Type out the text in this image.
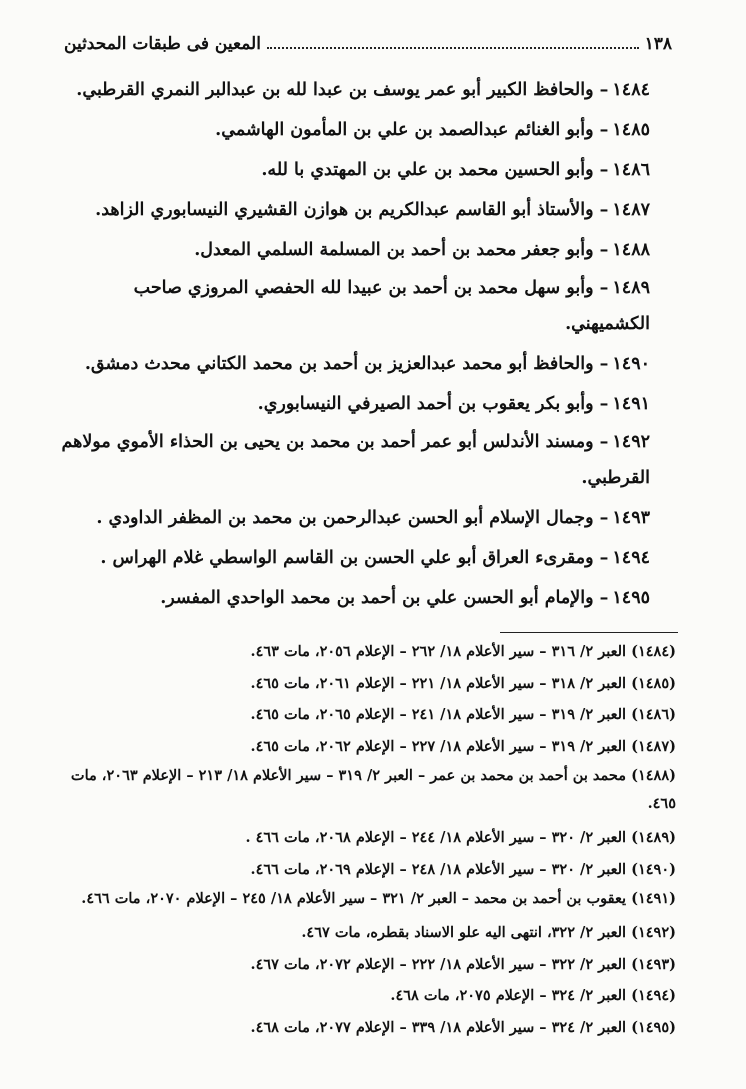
١٣٨
المعين فى طبقات المحدثين
١٤٨٤– والحافظ الكبير أبو عمر يوسف بن عبدا لله بن عبدالبر النمري القرطبي.
١٤٨٥– وأبو الغنائم عبدالصمد بن علي بن المأمون الهاشمي.
١٤٨٦– وأبو الحسين محمد بن علي بن المهتدي با لله.
١٤٨٧– والأستاذ أبو القاسم عبدالكريم بن هوازن القشيري النيسابوري الزاهد.
١٤٨٨– وأبو جعفر محمد بن أحمد بن المسلمة السلمي المعدل.
١٤٨٩– وأبو سهل محمد بن أحمد بن عبيدا لله الحفصي المروزي صاحب الكشميهني.
١٤٩٠– والحافظ أبو محمد عبدالعزيز بن أحمد بن محمد الكتاني محدث دمشق.
١٤٩١– وأبو بكر يعقوب بن أحمد الصيرفي النيسابوري.
١٤٩٢– ومسند الأندلس أبو عمر أحمد بن محمد بن يحيى بن الحذاء الأموي مولاهم القرطبي.
١٤٩٣– وجمال الإسلام أبو الحسن عبدالرحمن بن محمد بن المظفر الداودي .
١٤٩٤– ومقرىء العراق أبو علي الحسن بن القاسم الواسطي غلام الهراس .
١٤٩٥– والإمام أبو الحسن علي بن أحمد بن محمد الواحدي المفسر.
(١٤٨٤) العبر ٢/ ٣١٦ – سير الأعلام ١٨/ ٢٦٢ – الإعلام ٢٠٥٦، مات ٤٦٣.
(١٤٨٥) العبر ٢/ ٣١٨ – سير الأعلام ١٨/ ٢٢١ – الإعلام ٢٠٦١، مات ٤٦٥.
(١٤٨٦) العبر ٢/ ٣١٩ – سير الأعلام ١٨/ ٢٤١ – الإعلام ٢٠٦٥، مات ٤٦٥.
(١٤٨٧) العبر ٢/ ٣١٩ – سير الأعلام ١٨/ ٢٢٧ – الإعلام ٢٠٦٢، مات ٤٦٥.
(١٤٨٨) محمد بن أحمد بن محمد بن عمر – العبر ٢/ ٣١٩ – سير الأعلام ١٨/ ٢١٣ – الإعلام ٢٠٦٣، مات ٤٦٥.
(١٤٨٩) العبر ٢/ ٣٢٠ – سير الأعلام ١٨/ ٢٤٤ – الإعلام ٢٠٦٨، مات ٤٦٦ .
(١٤٩٠) العبر ٢/ ٣٢٠ – سير الأعلام ١٨/ ٢٤٨ – الإعلام ٢٠٦٩، مات ٤٦٦.
(١٤٩١) يعقوب بن أحمد بن محمد – العبر ٢/ ٣٢١ – سير الأعلام ١٨/ ٢٤٥ – الإعلام ٢٠٧٠، مات ٤٦٦.
(١٤٩٢) العبر ٢/ ٣٢٢، انتهى اليه علو الاسناد بقطره، مات ٤٦٧.
(١٤٩٣) العبر ٢/ ٣٢٢ – سير الأعلام ١٨/ ٢٢٢ – الإعلام ٢٠٧٢، مات ٤٦٧.
(١٤٩٤) العبر ٢/ ٣٢٤ – الإعلام ٢٠٧٥، مات ٤٦٨.
(١٤٩٥) العبر ٢/ ٣٢٤ – سير الأعلام ١٨/ ٣٣٩ – الإعلام ٢٠٧٧، مات ٤٦٨.
